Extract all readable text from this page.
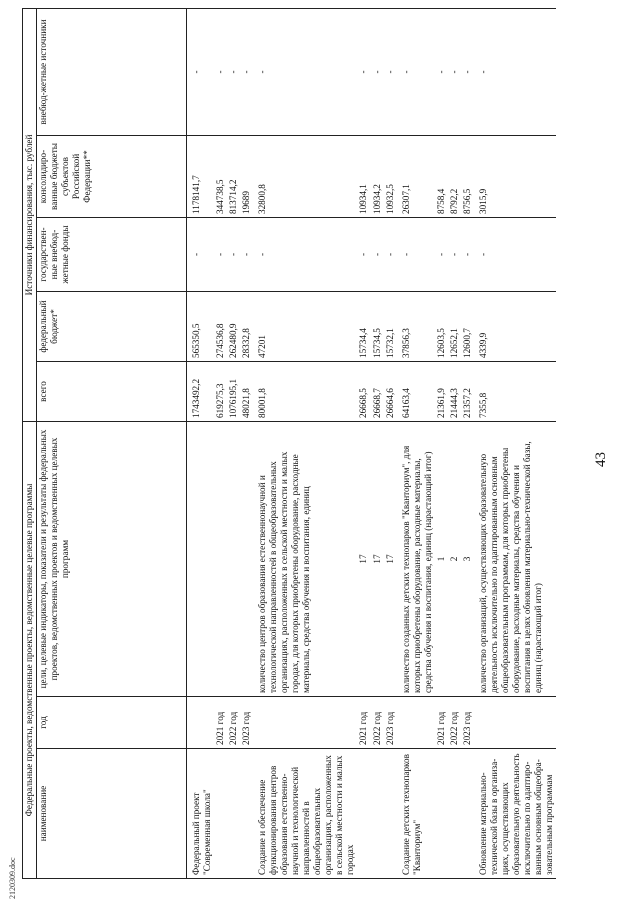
43
2120309.doc
Федеральные проекты, ведомственные проекты, ведомственные целевые программы			Источники финансирования, тыс. рублей				
наименование	год	цели, целевые индикаторы, показатели и результаты федеральных проектов, ведомственных проектов и ведомственных целевых программ	всего	федеральный бюджет*	государствен-ные внебюд-жетные фонды	консолидиро-ванные бюджеты субъектов Российской Федерации**	внебюд-жетные источники
Федеральный проект "Современная школа"			1743492,2	565350,5	-	1178141,7	-
	2021 год		619275,3	274536,8	-	344738,5	-
	2022 год		1076195,1	262480,9	-	813714,2	-
	2023 год		48021,8	28332,8	-	19689	-
Создание и обеспечение функционирования центров образования естественно-научной и технологической направленностей в общеобразовательных организациях, расположенных в сельской местности и малых городах		количество центров образования естественнонаучной и технологической направленностей в общеобразовательных организациях, расположенных в сельской местности и малых городах, для которых приобретены оборудование, расходные материалы, средства обучения и воспитания, единиц	80001,8	47201	-	32800,8	-
	2021 год	17	26668,5	15734,4	-	10934,1	-
	2022 год	17	26668,7	15734,5	-	10934,2	-
	2023 год	17	26664,6	15732,1	-	10932,5	-
Создание детских технопарков "Кванториум"		количество созданных детских технопарков "Кванториум", для которых приобретены оборудование, расходные материалы, средства обучения и воспитания, единиц (нарастающий итог)	64163,4	37856,3	-	26307,1	-
	2021 год	1	21361,9	12603,5	-	8758,4	-
	2022 год	2	21444,3	12652,1	-	8792,2	-
	2023 год	3	21357,2	12600,7	-	8756,5	-
Обновление материально-технической базы в организа-циях, осуществляющих образовательную деятельность исключительно по адаптиро-ванным основным общеобра-зовательным программам		количество организаций, осуществляющих образовательную деятельность исключительно по адаптированным основным общеобразовательным программам, для которых приобретены оборудование, расходные материалы, средства обучения и воспитания в целях обновления материально-технической базы, единиц (нарастающий итог)	7355,8	4339,9	-	3015,9	-
